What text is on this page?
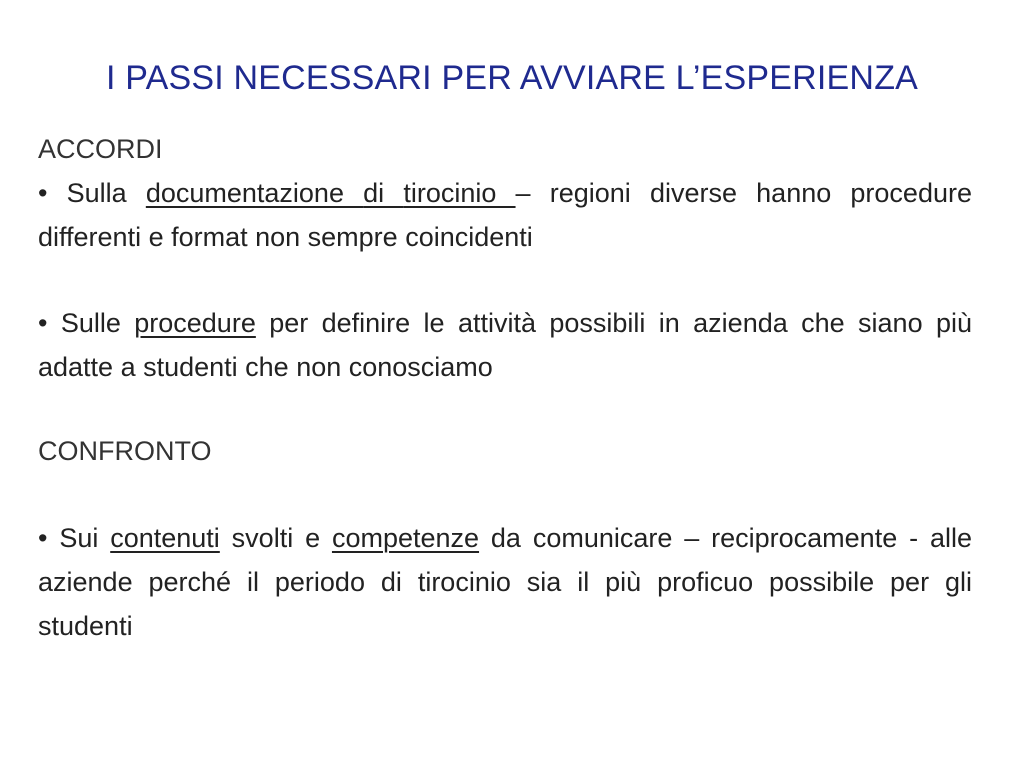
I PASSI NECESSARI PER AVVIARE L’ESPERIENZA
ACCORDI
• Sulla documentazione di tirocinio – regioni diverse hanno procedure differenti e format non sempre coincidenti
• Sulle procedure per definire le attività possibili in azienda che siano più adatte a studenti che non conosciamo
CONFRONTO
• Sui contenuti svolti e competenze da comunicare – reciprocamente - alle aziende perché il periodo di tirocinio sia il più proficuo possibile per gli studenti
